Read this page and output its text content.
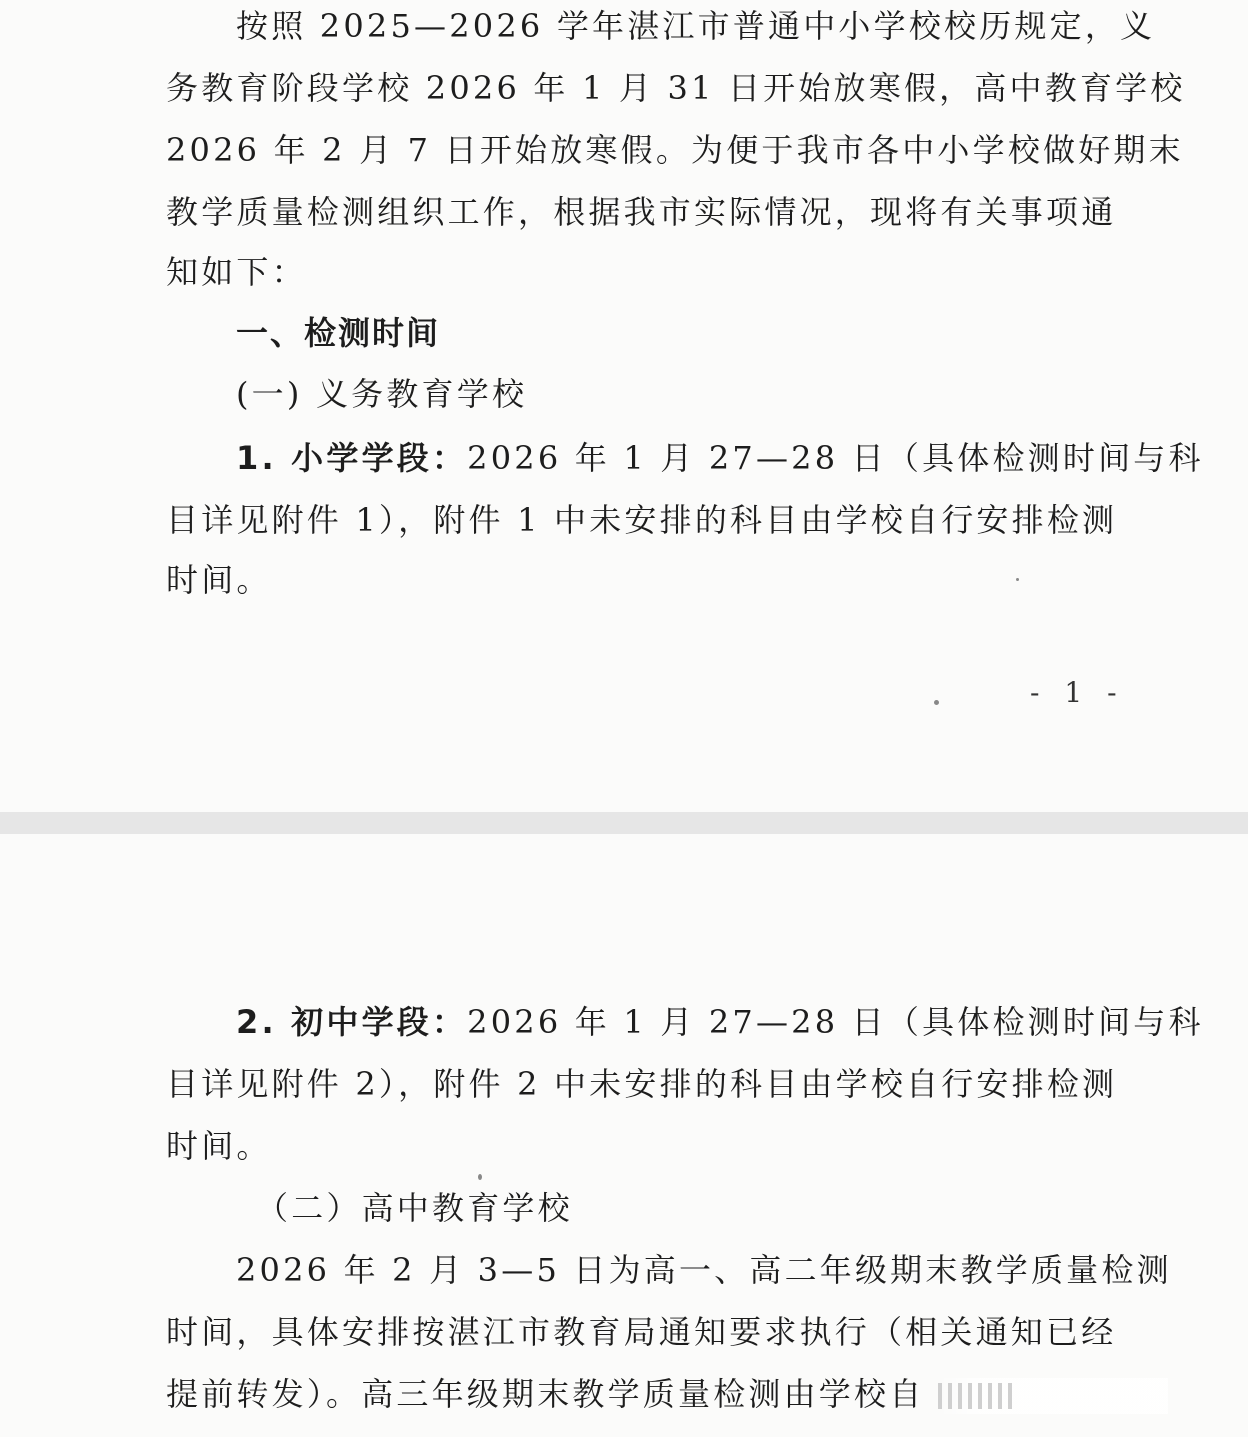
按照 2025—2026 学年湛江市普通中小学校校历规定，义
务教育阶段学校 2026 年 1 月 31 日开始放寒假，高中教育学校
2026 年 2 月 7 日开始放寒假。为便于我市各中小学校做好期末
教学质量检测组织工作，根据我市实际情况，现将有关事项通
知如下：
一、检测时间
(一) 义务教育学校
1. 小学学段：2026 年 1 月 27—28 日（具体检测时间与科
目详见附件 1），附件 1 中未安排的科目由学校自行安排检测
时间。
- 1 -
2. 初中学段：2026 年 1 月 27—28 日（具体检测时间与科
目详见附件 2），附件 2 中未安排的科目由学校自行安排检测
时间。
（二）高中教育学校
2026 年 2 月 3—5 日为高一、高二年级期末教学质量检测
时间，具体安排按湛江市教育局通知要求执行（相关通知已经
提前转发）。高三年级期末教学质量检测由学校自
